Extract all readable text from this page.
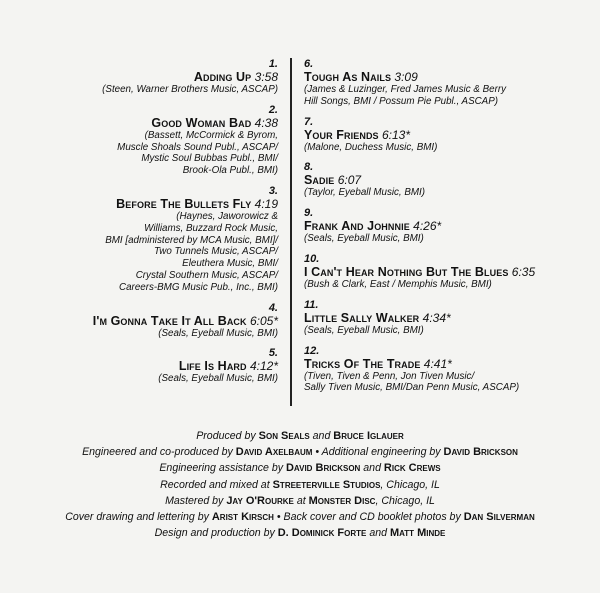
1.
Adding Up 3:58
(Steen, Warner Brothers Music, ASCAP)
2.
Good Woman Bad 4:38
(Bassett, McCormick & Byrom,
Muscle Shoals Sound Publ., ASCAP/
Mystic Soul Bubbas Publ., BMI/
Brook-Ola Publ., BMI)
3.
Before The Bullets Fly 4:19
(Haynes, Jaworowicz &
Williams, Buzzard Rock Music,
BMI [administered by MCA Music, BMI]/
Two Tunnels Music, ASCAP/
Eleuthera Music, BMI/
Crystal Southern Music, ASCAP/
Careers-BMG Music Pub., Inc., BMI)
4.
I'm Gonna Take It All Back 6:05*
(Seals, Eyeball Music, BMI)
5.
Life Is Hard 4:12*
(Seals, Eyeball Music, BMI)
6.
Tough As Nails 3:09
(James & Luzinger, Fred James Music & Berry
Hill Songs, BMI / Possum Pie Publ., ASCAP)
7.
Your Friends 6:13*
(Malone, Duchess Music, BMI)
8.
Sadie 6:07
(Taylor, Eyeball Music, BMI)
9.
Frank And Johnnie 4:26*
(Seals, Eyeball Music, BMI)
10.
I Can't Hear Nothing But The Blues 6:35
(Bush & Clark, East / Memphis Music, BMI)
11.
Little Sally Walker 4:34*
(Seals, Eyeball Music, BMI)
12.
Tricks Of The Trade 4:41*
(Tiven, Tiven & Penn, Jon Tiven Music/
Sally Tiven Music, BMI/Dan Penn Music, ASCAP)
Produced by Son Seals and Bruce Iglauer
Engineered and co-produced by David Axelbaum • Additional engineering by David Brickson
Engineering assistance by David Brickson and Rick Crews
Recorded and mixed at Streeterville Studios, Chicago, IL
Mastered by Jay O'Rourke at Monster Disc, Chicago, IL
Cover drawing and lettering by Arist Kirsch • Back cover and CD booklet photos by Dan Silverman
Design and production by D. Dominick Forte and Matt Minde
